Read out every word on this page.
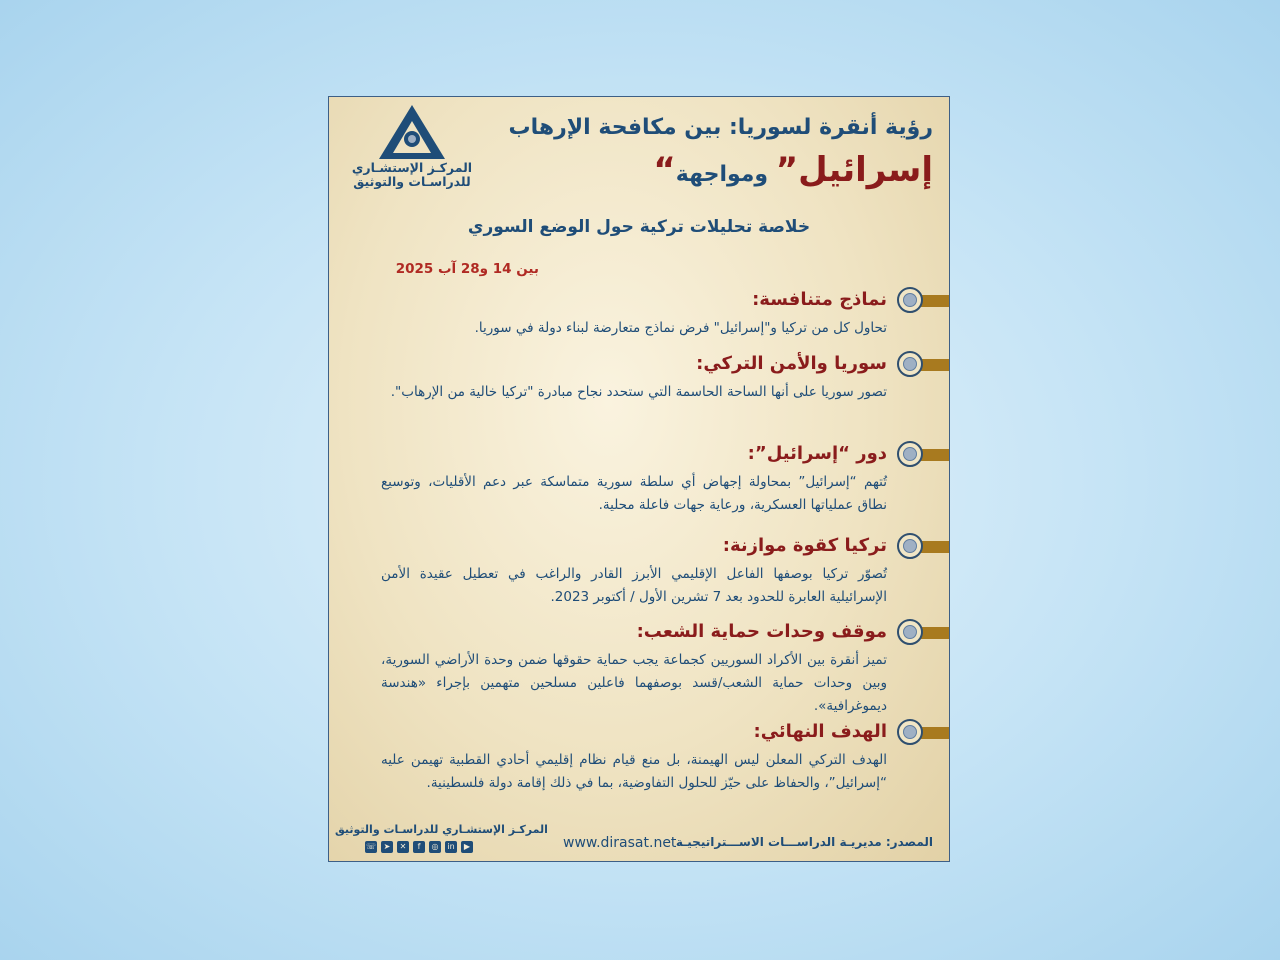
المركـز الإستشـاري
للدراسـات والتوثيق
رؤية أنقرة لسوريا: بين مكافحة الإرهاب
“إسرائيل” ومواجهة
خلاصة تحليلات تركية حول الوضع السوري
بين 14 و28 آب 2025
نماذج متنافسة:
تحاول كل من تركيا و"إسرائيل" فرض نماذج متعارضة لبناء دولة في سوريا.
سوريا والأمن التركي:
تصور سوريا على أنها الساحة الحاسمة التي ستحدد نجاح مبادرة "تركيا خالية من الإرهاب".
دور “إسرائيل”:
تُتهم “إسرائيل” بمحاولة إجهاض أي سلطة سورية متماسكة عبر دعم الأقليات، وتوسيع نطاق عملياتها العسكرية، ورعاية جهات فاعلة محلية.
تركيا كقوة موازنة:
تُصوّر تركيا بوصفها الفاعل الإقليمي الأبرز القادر والراغب في تعطيل عقيدة الأمن الإسرائيلية العابرة للحدود بعد 7 تشرين الأول / أكتوبر 2023.
موقف وحدات حماية الشعب:
تميز أنقرة بين الأكراد السوريين كجماعة يجب حماية حقوقها ضمن وحدة الأراضي السورية، وبين وحدات حماية الشعب/قسد بوصفهما فاعلين مسلحين متهمين بإجراء «هندسة ديموغرافية».
الهدف النهائي:
الهدف التركي المعلن ليس الهيمنة، بل منع قيام نظام إقليمي أحادي القطبية تهيمن عليه “إسرائيل”، والحفاظ على حيّز للحلول التفاوضية، بما في ذلك إقامة دولة فلسطينية.
المركـز الإستشـاري للدراسـات والتوثيق
☏ ➤	✕	f	◎	in	▶	www.dirasat.net المصدر: مديريـة الدراســـات الاســـتراتيجيـة
